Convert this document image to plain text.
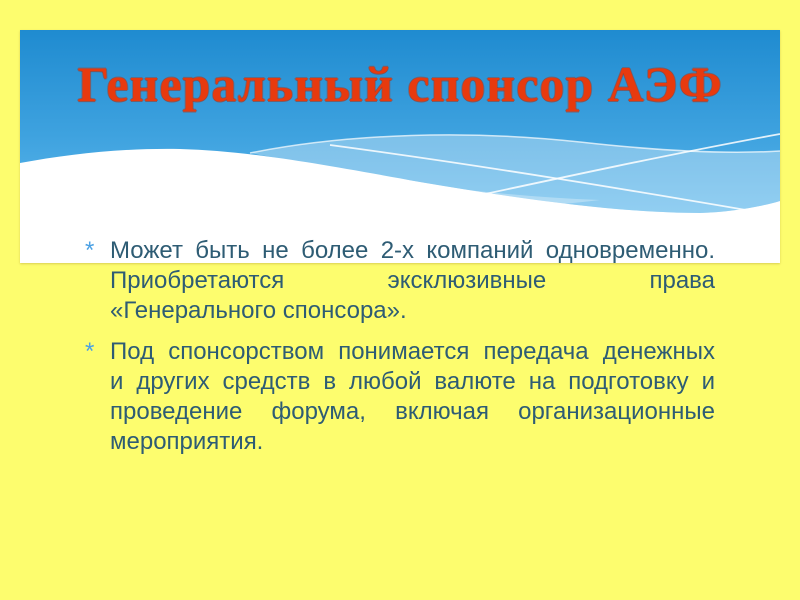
Генеральный спонсор АЭФ
* Может быть не более 2-х компаний одновременно.
Приобретаются эксклюзивные права
«Генерального спонсора».
* Под спонсорством понимается передача денежных
и других средств в любой валюте на подготовку и
проведение форума, включая организационные
мероприятия.
